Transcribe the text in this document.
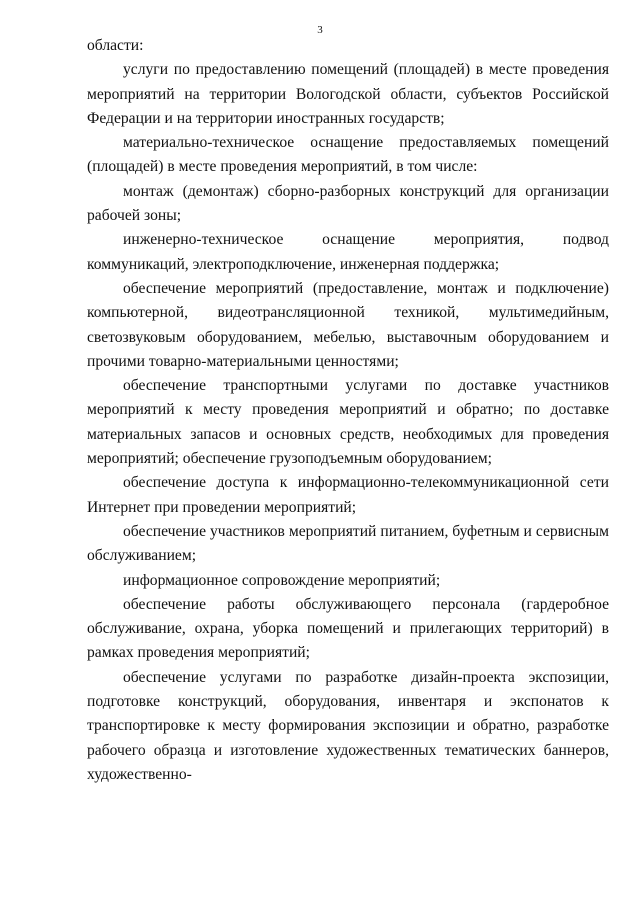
3

области:

услуги по предоставлению помещений (площадей) в месте проведения мероприятий на территории Вологодской области, субъектов Российской Федерации и на территории иностранных государств;

материально-техническое оснащение предоставляемых помещений (площадей) в месте проведения мероприятий, в том числе:

монтаж (демонтаж) сборно-разборных конструкций для организации рабочей зоны;

инженерно-техническое оснащение мероприятия, подвод коммуникаций, электроподключение, инженерная поддержка;

обеспечение мероприятий (предоставление, монтаж и подключение) компьютерной, видеотрансляционной техникой, мультимедийным, светозвуковым оборудованием, мебелью, выставочным оборудованием и прочими товарно-материальными ценностями;

обеспечение транспортными услугами по доставке участников мероприятий к месту проведения мероприятий и обратно; по доставке материальных запасов и основных средств, необходимых для проведения мероприятий; обеспечение грузоподъемным оборудованием;

обеспечение доступа к информационно-телекоммуникационной сети Интернет при проведении мероприятий;

обеспечение участников мероприятий питанием, буфетным и сервисным обслуживанием;

информационное сопровождение мероприятий;

обеспечение работы обслуживающего персонала (гардеробное обслуживание, охрана, уборка помещений и прилегающих территорий) в рамках проведения мероприятий;

обеспечение услугами по разработке дизайн-проекта экспозиции, подготовке конструкций, оборудования, инвентаря и экспонатов к транспортировке к месту формирования экспозиции и обратно, разработке рабочего образца и изготовление художественных тематических баннеров, художественно-
